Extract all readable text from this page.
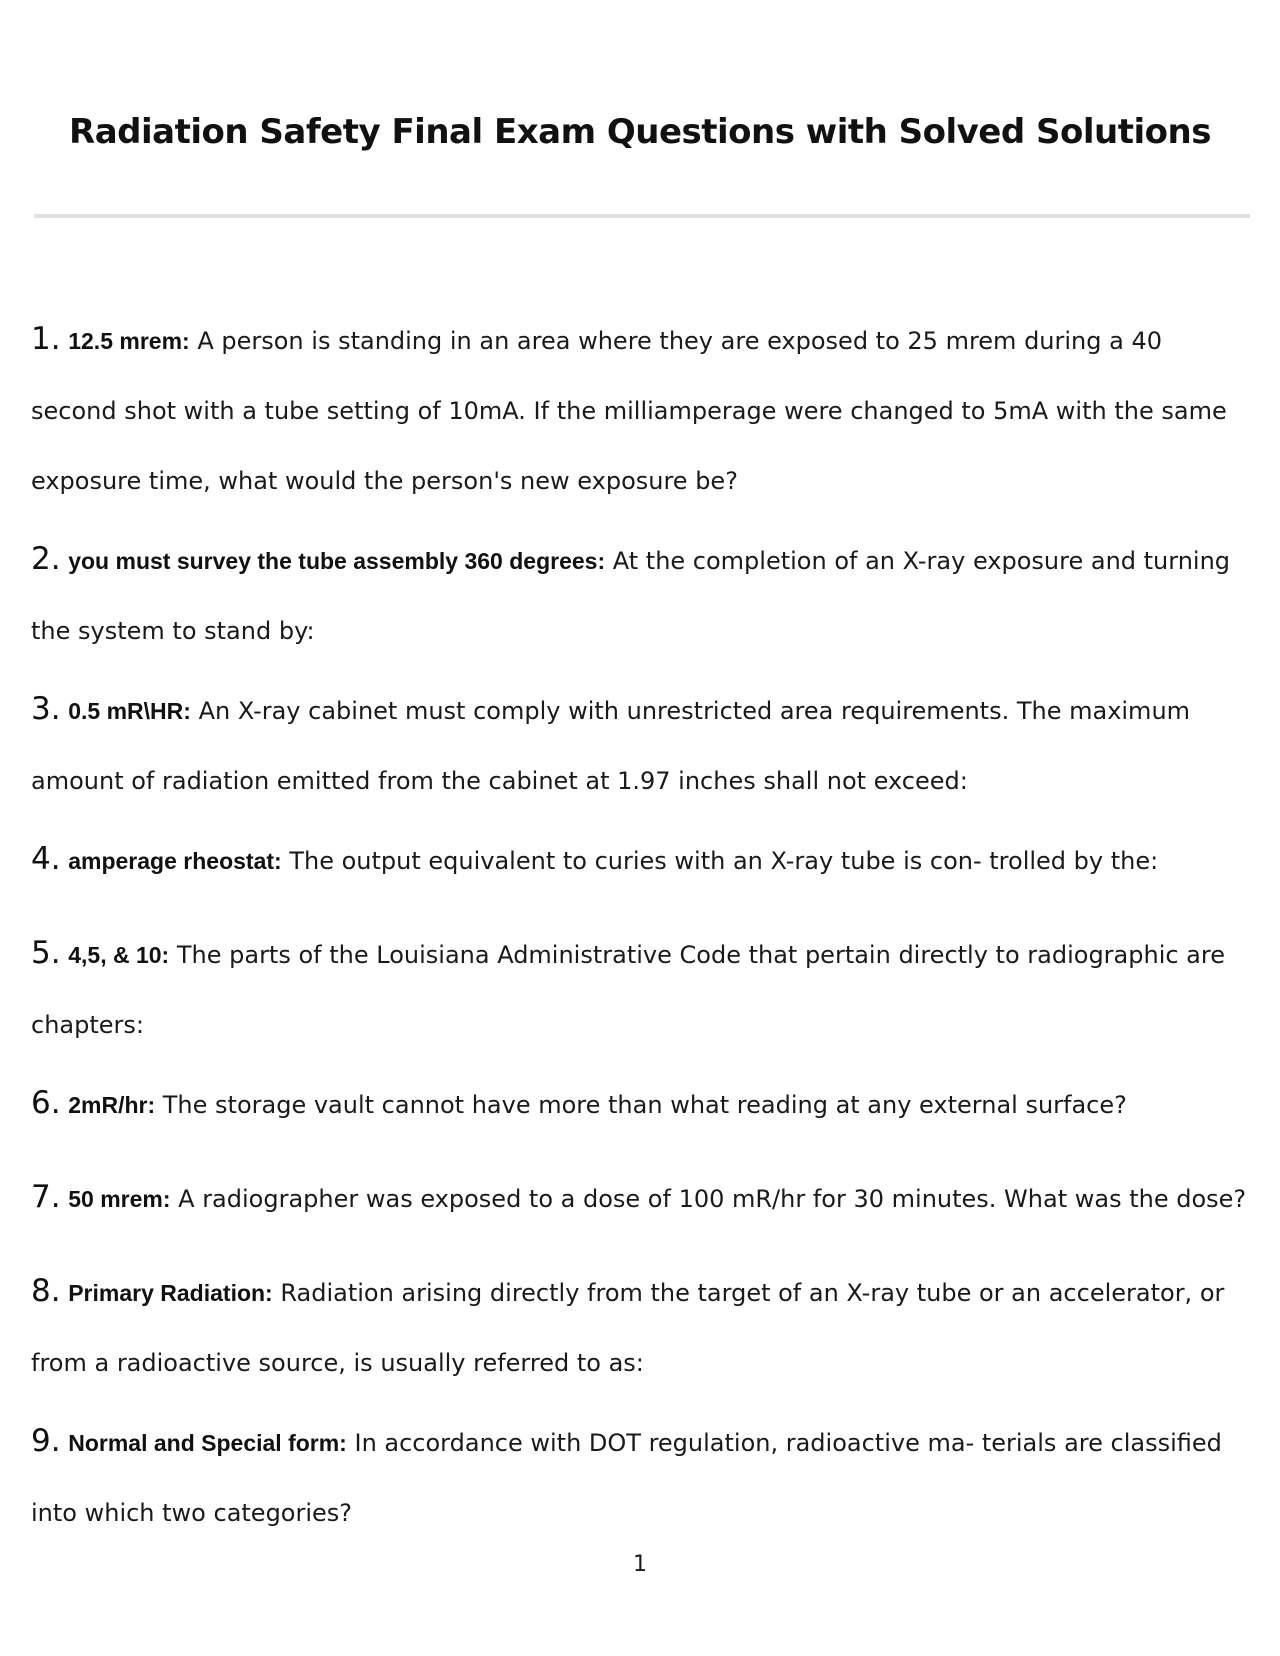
Radiation Safety Final Exam Questions with Solved Solutions
1. 12.5 mrem: A person is standing in an area where they are exposed to 25 mrem during a 40 second shot with a tube setting of 10mA. If the milliamperage were changed to 5mA with the same exposure time, what would the person's new exposure be?
2. you must survey the tube assembly 360 degrees: At the completion of an X-ray exposure and turning the system to stand by:
3. 0.5 mR\HR: An X-ray cabinet must comply with unrestricted area requirements. The maximum amount of radiation emitted from the cabinet at 1.97 inches shall not exceed:
4. amperage rheostat: The output equivalent to curies with an X-ray tube is con- trolled by the:
5. 4,5, & 10: The parts of the Louisiana Administrative Code that pertain directly to radiographic are chapters:
6. 2mR/hr: The storage vault cannot have more than what reading at any external surface?
7. 50 mrem: A radiographer was exposed to a dose of 100 mR/hr for 30 minutes. What was the dose?
8. Primary Radiation: Radiation arising directly from the target of an X-ray tube or an accelerator, or from a radioactive source, is usually referred to as:
9. Normal and Special form: In accordance with DOT regulation, radioactive ma- terials are classified into which two categories?
1
